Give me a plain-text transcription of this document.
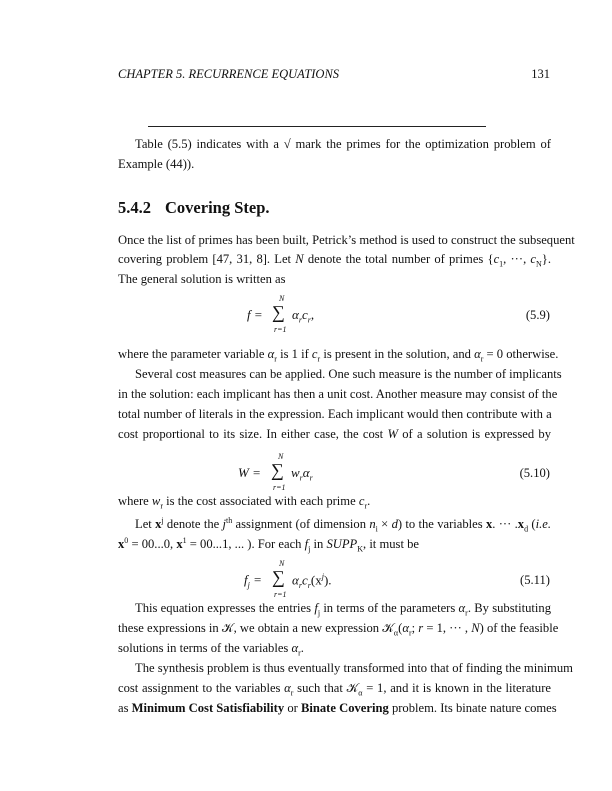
CHAPTER 5. RECURRENCE EQUATIONS	131
5.4.2 Covering Step.
Table (5.5) indicates with a √ mark the primes for the optimization problem of
Example (44)).
Once the list of primes has been built, Petrick’s method is used to construct the subsequent
covering problem [47, 31, 8]. Let N denote the total number of primes {$c_1$, ···, $c_N$}.
The general solution is written as
where the parameter variable $\alpha_r$ is 1 if $c_r$ is present in the solution, and $\alpha_r = 0$ otherwise.
Several cost measures can be applied. One such measure is the number of implicants
in the solution: each implicant has then a unit cost. Another measure may consist of the
total number of literals in the expression. Each implicant would then contribute with a
cost proportional to its size. In either case, the cost W of a solution is expressed by
where $w_r$ is the cost associated with each prime $c_r$.
Let $x^j$ denote the $j^{th}$ assignment (of dimension $n_i \times d$) to the variables x. ··· $.x_d$ (i.e.
$x^0 = 00...0$, $x^1 = 00...1$, ... ). For each $f_j$ in $SUPP_K$, it must be
This equation expresses the entries $f_j$ in terms of the parameters $\alpha_r$. By substituting
these expressions in 𝒦, we obtain a new expression $𝒦_\alpha(\alpha_r$; r = 1, ··· , N) of the feasible
solutions in terms of the variables $\alpha_r$.
The synthesis problem is thus eventually transformed into that of finding the minimum
cost assignment to the variables $\alpha_r$ such that 𝒦$_\alpha$ = 1, and it is known in the literature
as Minimum Cost Satisfiability or Binate Covering problem. Its binate nature comes
f = ∑
N
r=1
$\alpha_rc_r$,	(5.9)
W = ∑
N
r=1
$w_r\alpha_r$	(5.10)
$f_j$ = ∑
N
r=1
$\alpha_rc_r(x^j)$.	(5.11)
